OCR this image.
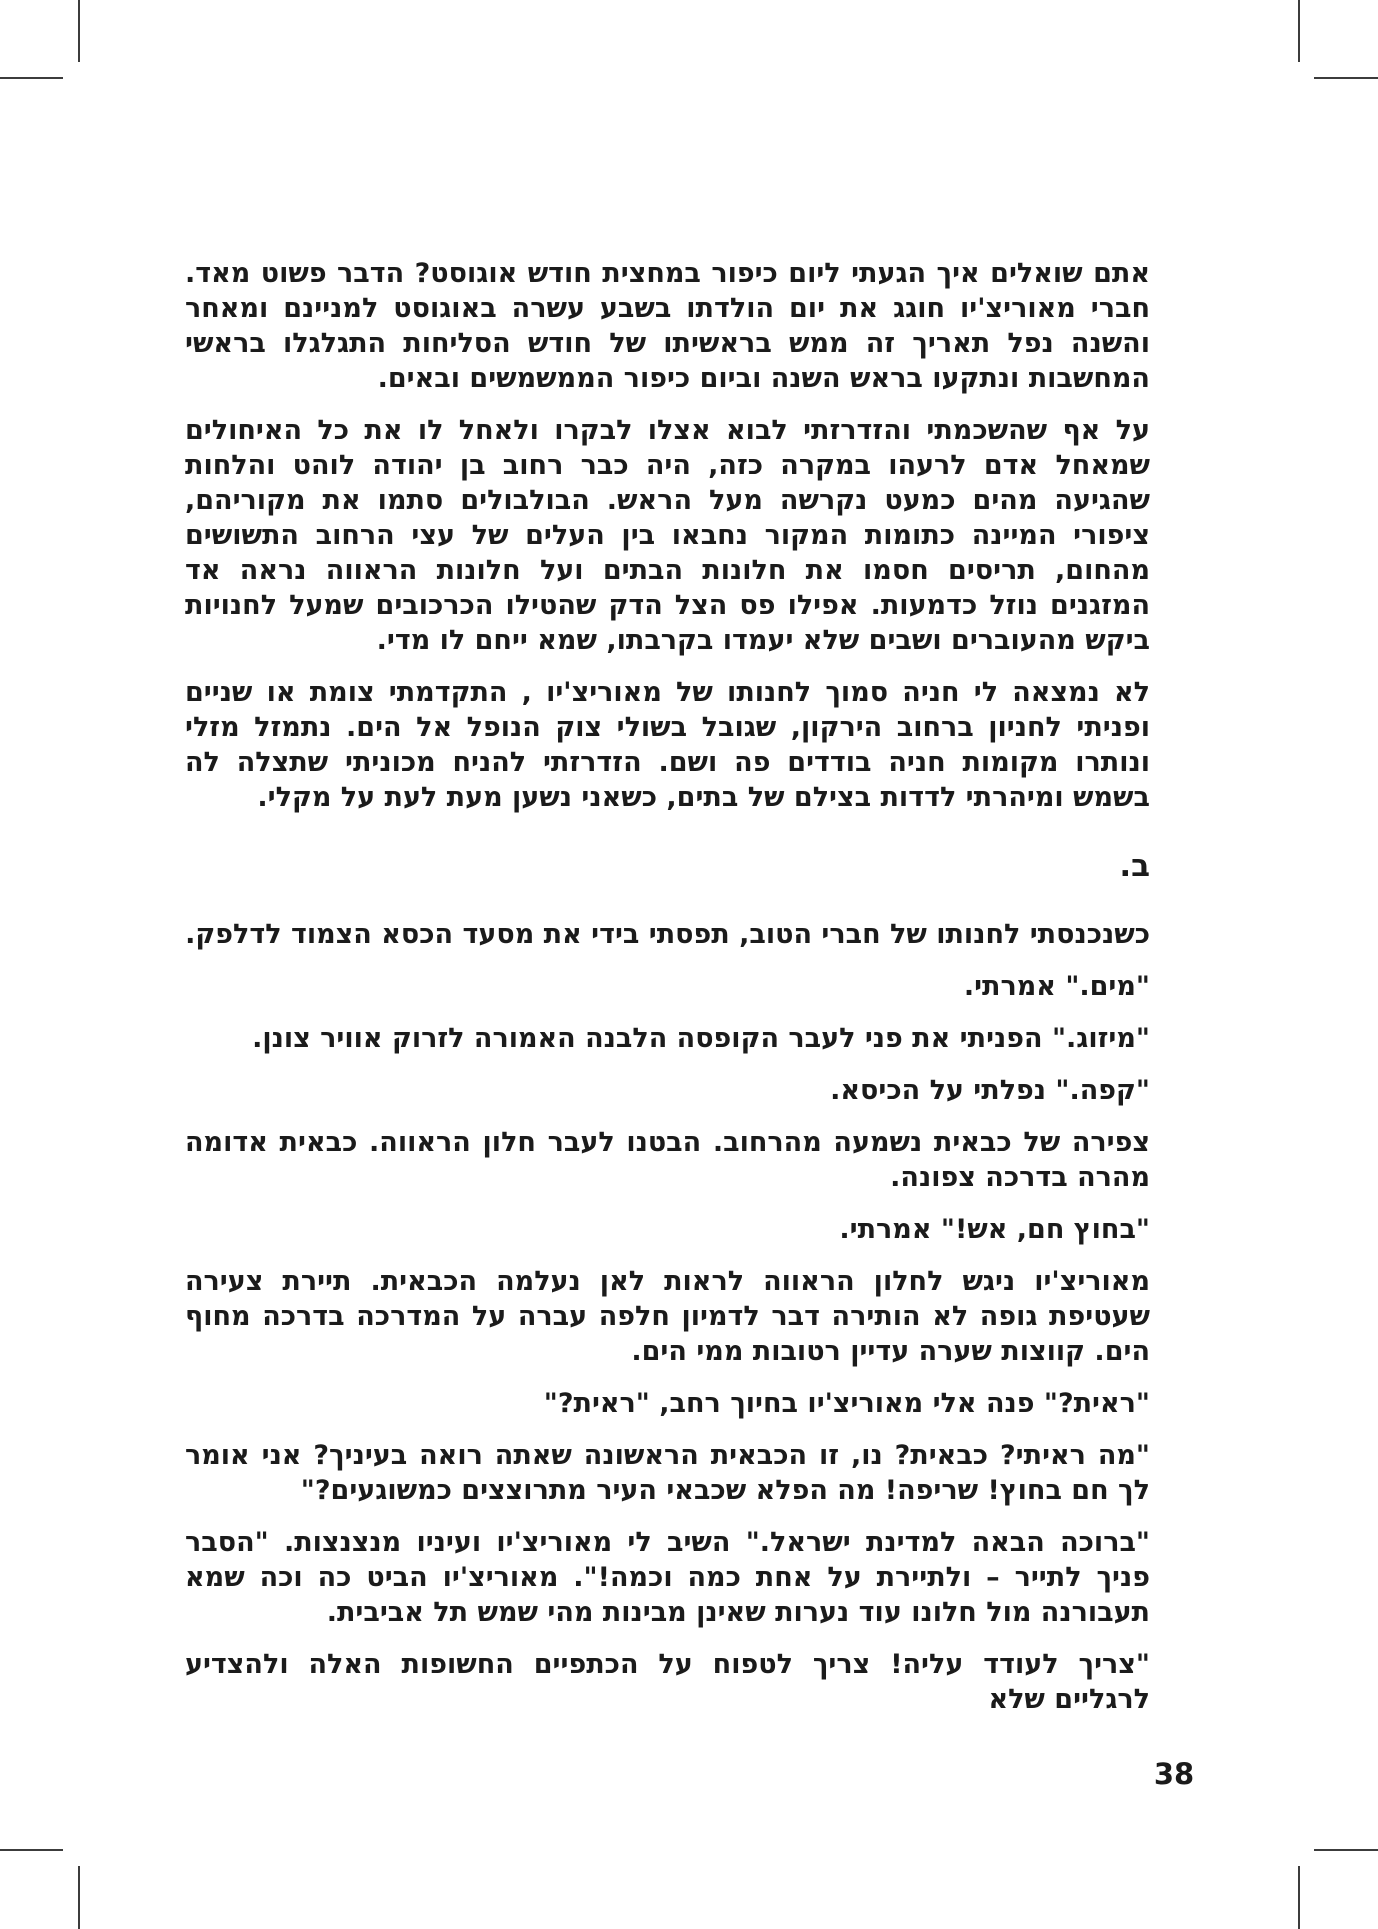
אתם שואלים איך הגעתי ליום כיפור במחצית חודש אוגוסט? הדבר פשוט מאד. חברי מאוריצ'יו חוגג את יום הולדתו בשבע עשרה באוגוסט למניינם ומאחר והשנה נפל תאריך זה ממש בראשיתו של חודש הסליחות התגלגלו בראשי המחשבות ונתקעו בראש השנה וביום כיפור הממשמשים ובאים.

על אף שהשכמתי והזדרזתי לבוא אצלו לבקרו ולאחל לו את כל האיחולים שמאחל אדם לרעהו במקרה כזה, היה כבר רחוב בן יהודה לוהט והלחות שהגיעה מהים כמעט נקרשה מעל הראש. הבולבולים סתמו את מקוריהם, ציפורי המיינה כתומות המקור נחבאו בין העלים של עצי הרחוב התשושים מהחום, תריסים חסמו את חלונות הבתים ועל חלונות הראווה נראה אד המזגנים נוזל כדמעות. אפילו פס הצל הדק שהטילו הכרכובים שמעל לחנויות ביקש מהעוברים ושבים שלא יעמדו בקרבתו, שמא ייחם לו מדי.

לא נמצאה לי חניה סמוך לחנותו של מאוריצ'יו , התקדמתי צומת או שניים ופניתי לחניון ברחוב הירקון, שגובל בשולי צוק הנופל אל הים. נתמזל מזלי ונותרו מקומות חניה בודדים פה ושם. הזדרזתי להניח מכוניתי שתצלה לה בשמש ומיהרתי לדדות בצילם של בתים, כשאני נשען מעת לעת על מקלי.

ב.

כשנכנסתי לחנותו של חברי הטוב, תפסתי בידי את מסעד הכסא הצמוד לדלפק.

"מים." אמרתי.

"מיזוג." הפניתי את פני לעבר הקופסה הלבנה האמורה לזרוק אוויר צונן.

"קפה." נפלתי על הכיסא.

צפירה של כבאית נשמעה מהרחוב. הבטנו לעבר חלון הראווה. כבאית אדומה מהרה בדרכה צפונה.

"בחוץ חם, אש!" אמרתי.

מאוריצ'יו ניגש לחלון הראווה לראות לאן נעלמה הכבאית. תיירת צעירה שעטיפת גופה לא הותירה דבר לדמיון חלפה עברה על המדרכה בדרכה מחוף הים. קווצות שערה עדיין רטובות ממי הים.

"ראית?" פנה אלי מאוריצ'יו בחיוך רחב, "ראית?"

"מה ראיתי? כבאית? נו, זו הכבאית הראשונה שאתה רואה בעיניך? אני אומר לך חם בחוץ! שריפה! מה הפלא שכבאי העיר מתרוצצים כמשוגעים?"

"ברוכה הבאה למדינת ישראל." השיב לי מאוריצ'יו ועיניו מנצנצות. "הסבר פניך לתייר – ולתיירת על אחת כמה וכמה!". מאוריצ'יו הביט כה וכה שמא תעבורנה מול חלונו עוד נערות שאינן מבינות מהי שמש תל אביבית.

"צריך לעודד עליה! צריך לטפוח על הכתפיים החשופות האלה ולהצדיע לרגליים שלא

38
